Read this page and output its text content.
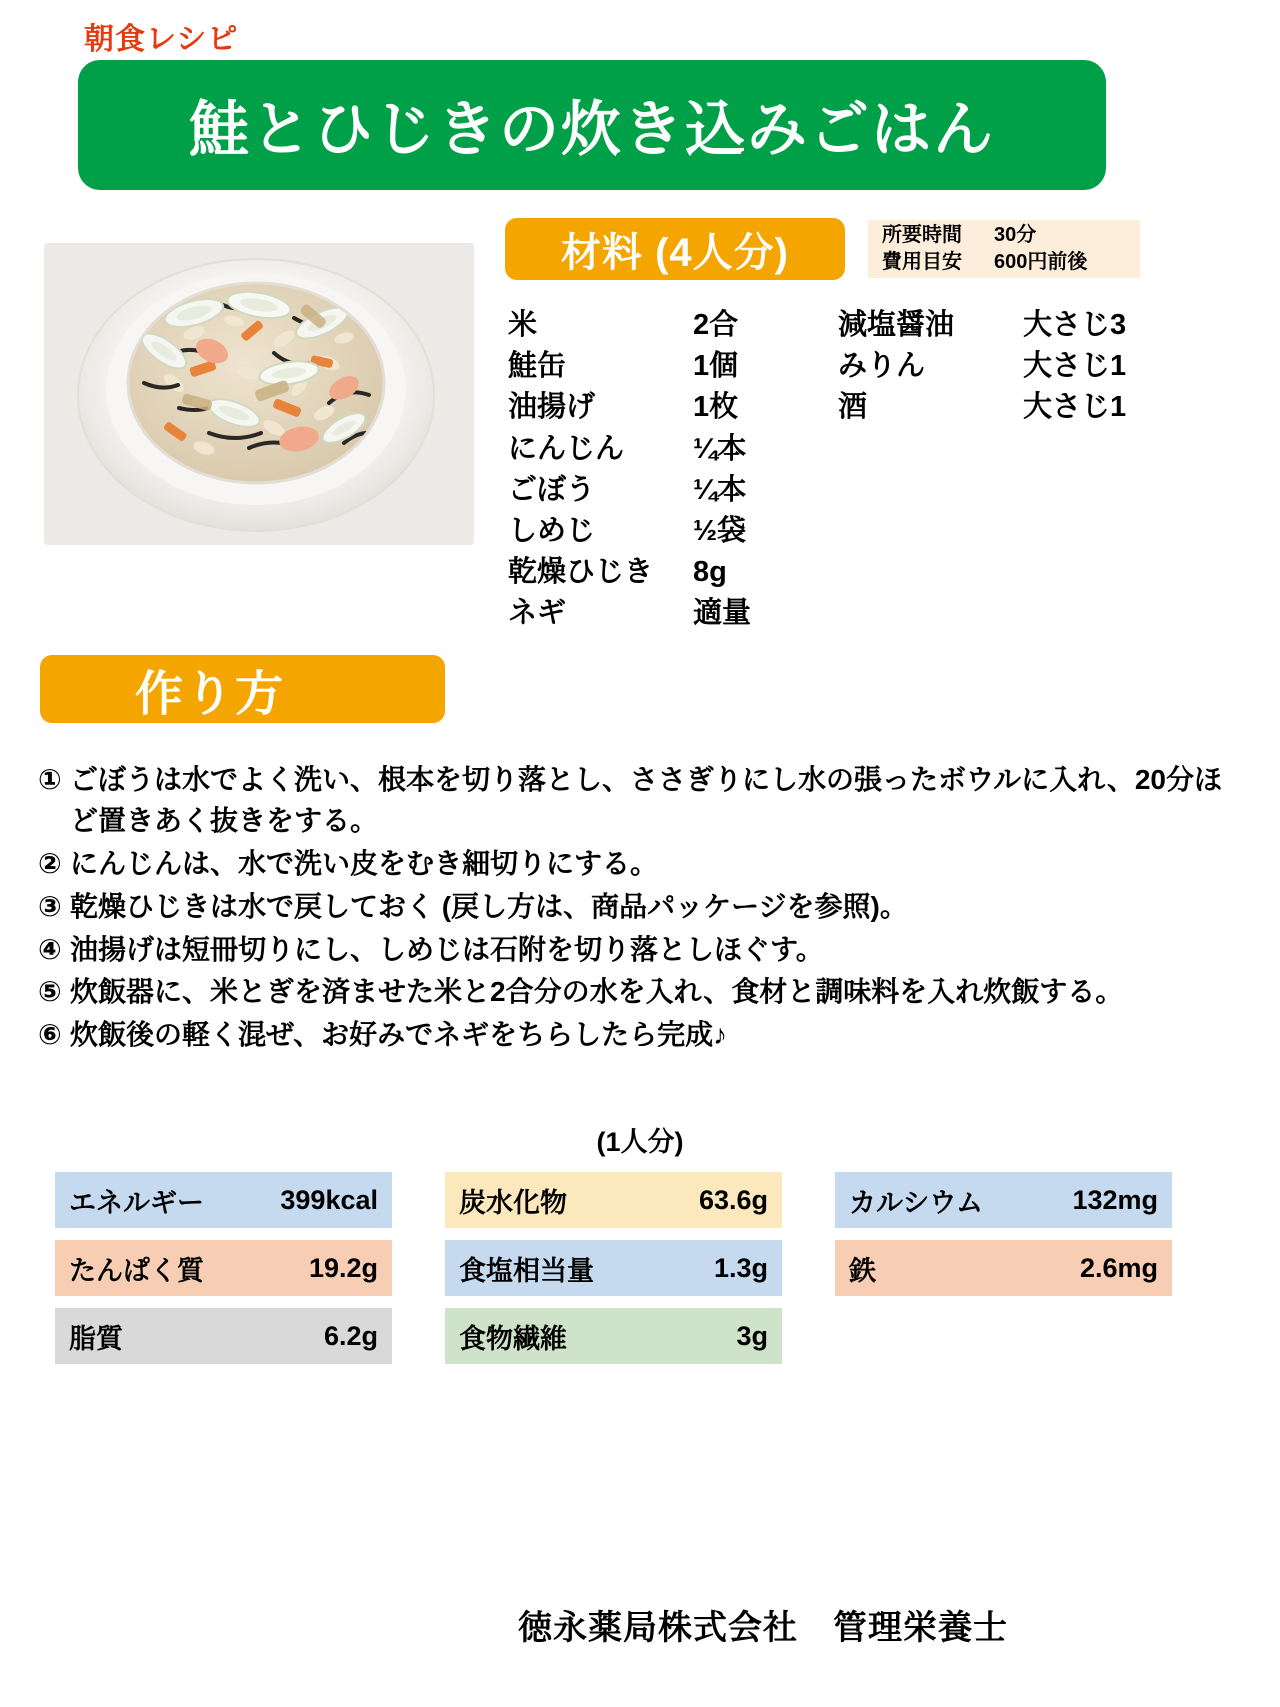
朝食レシピ
鮭とひじきの炊き込みごはん
材料 (4人分)	所要時間	30分
費用目安	600円前後
米	2合
鮭缶	1個
油揚げ	1枚
にんじん	¼本
ごぼう	¼本
しめじ	½袋
乾燥ひじき	8g
ネギ	適量
減塩醤油	大さじ3
みりん	大さじ1
酒	大さじ1
作り方
① ごぼうは水でよく洗い、根本を切り落とし、ささぎりにし水の張ったボウルに入れ、20分ほど置きあく抜きをする。
② にんじんは、水で洗い皮をむき細切りにする。
③ 乾燥ひじきは水で戻しておく (戻し方は、商品パッケージを参照)。
④ 油揚げは短冊切りにし、しめじは石附を切り落としほぐす。
⑤ 炊飯器に、米とぎを済ませた米と2合分の水を入れ、食材と調味料を入れ炊飯する。
⑥ 炊飯後の軽く混ぜ、お好みでネギをちらしたら完成♪
(1人分)
エネルギー	399kcal	炭水化物	63.6g	カルシウム	132mg
たんぱく質	19.2g	食塩相当量	1.3g	鉄	2.6mg
脂質	6.2g	食物繊維	3g
徳永薬局株式会社　管理栄養士
